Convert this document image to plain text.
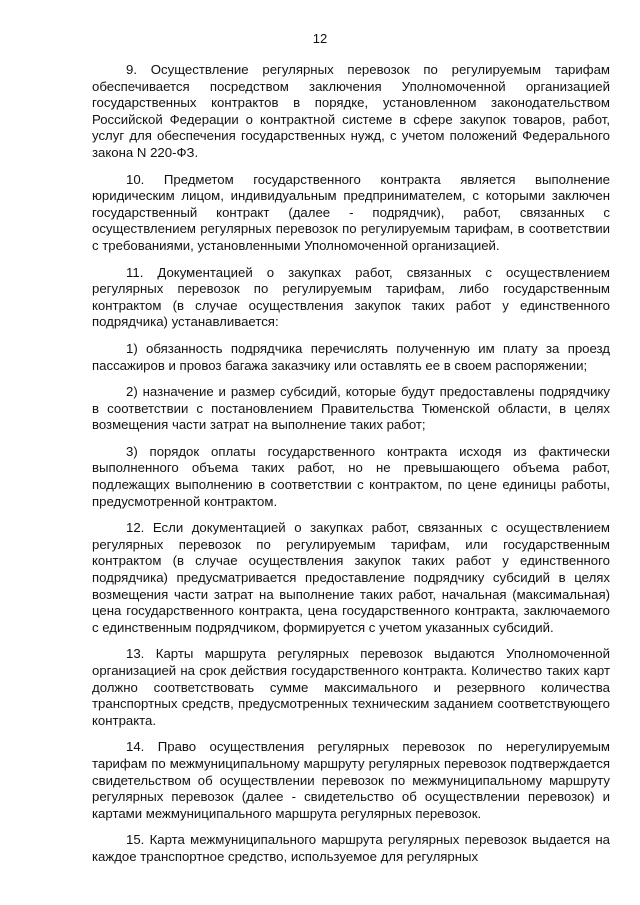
12

9. Осуществление регулярных перевозок по регулируемым тарифам обеспечивается посредством заключения Уполномоченной организацией государственных контрактов в порядке, установленном законодательством Российской Федерации о контрактной системе в сфере закупок товаров, работ, услуг для обеспечения государственных нужд, с учетом положений Федерального закона N 220-ФЗ.

10. Предметом государственного контракта является выполнение юридическим лицом, индивидуальным предпринимателем, с которыми заключен государственный контракт (далее - подрядчик), работ, связанных с осуществлением регулярных перевозок по регулируемым тарифам, в соответствии с требованиями, установленными Уполномоченной организацией.

11. Документацией о закупках работ, связанных с осуществлением регулярных перевозок по регулируемым тарифам, либо государственным контрактом (в случае осуществления закупок таких работ у единственного подрядчика) устанавливается:

1) обязанность подрядчика перечислять полученную им плату за проезд пассажиров и провоз багажа заказчику или оставлять ее в своем распоряжении;

2) назначение и размер субсидий, которые будут предоставлены подрядчику в соответствии с постановлением Правительства Тюменской области, в целях возмещения части затрат на выполнение таких работ;

3) порядок оплаты государственного контракта исходя из фактически выполненного объема таких работ, но не превышающего объема работ, подлежащих выполнению в соответствии с контрактом, по цене единицы работы, предусмотренной контрактом.

12. Если документацией о закупках работ, связанных с осуществлением регулярных перевозок по регулируемым тарифам, или государственным контрактом (в случае осуществления закупок таких работ у единственного подрядчика) предусматривается предоставление подрядчику субсидий в целях возмещения части затрат на выполнение таких работ, начальная (максимальная) цена государственного контракта, цена государственного контракта, заключаемого с единственным подрядчиком, формируется с учетом указанных субсидий.

13. Карты маршрута регулярных перевозок выдаются Уполномоченной организацией на срок действия государственного контракта. Количество таких карт должно соответствовать сумме максимального и резервного количества транспортных средств, предусмотренных техническим заданием соответствующего контракта.

14. Право осуществления регулярных перевозок по нерегулируемым тарифам по межмуниципальному маршруту регулярных перевозок подтверждается свидетельством об осуществлении перевозок по межмуниципальному маршруту регулярных перевозок (далее - свидетельство об осуществлении перевозок) и картами межмуниципального маршрута регулярных перевозок.

15. Карта межмуниципального маршрута регулярных перевозок выдается на каждое транспортное средство, используемое для регулярных
